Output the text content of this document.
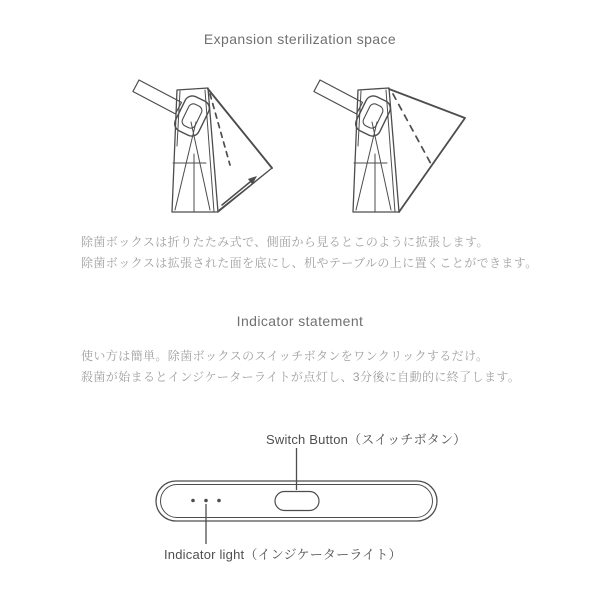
Expansion sterilization space
除菌ボックスは折りたたみ式で、側面から見るとこのように拡張します。
除菌ボックスは拡張された面を底にし、机やテーブルの上に置くことができます。
Indicator statement
使い方は簡単。除菌ボックスのスイッチボタンをワンクリックするだけ。
殺菌が始まるとインジケーターライトが点灯し、3分後に自動的に終了します。
Switch Button（スイッチボタン）
Indicator light（インジケーターライト）
